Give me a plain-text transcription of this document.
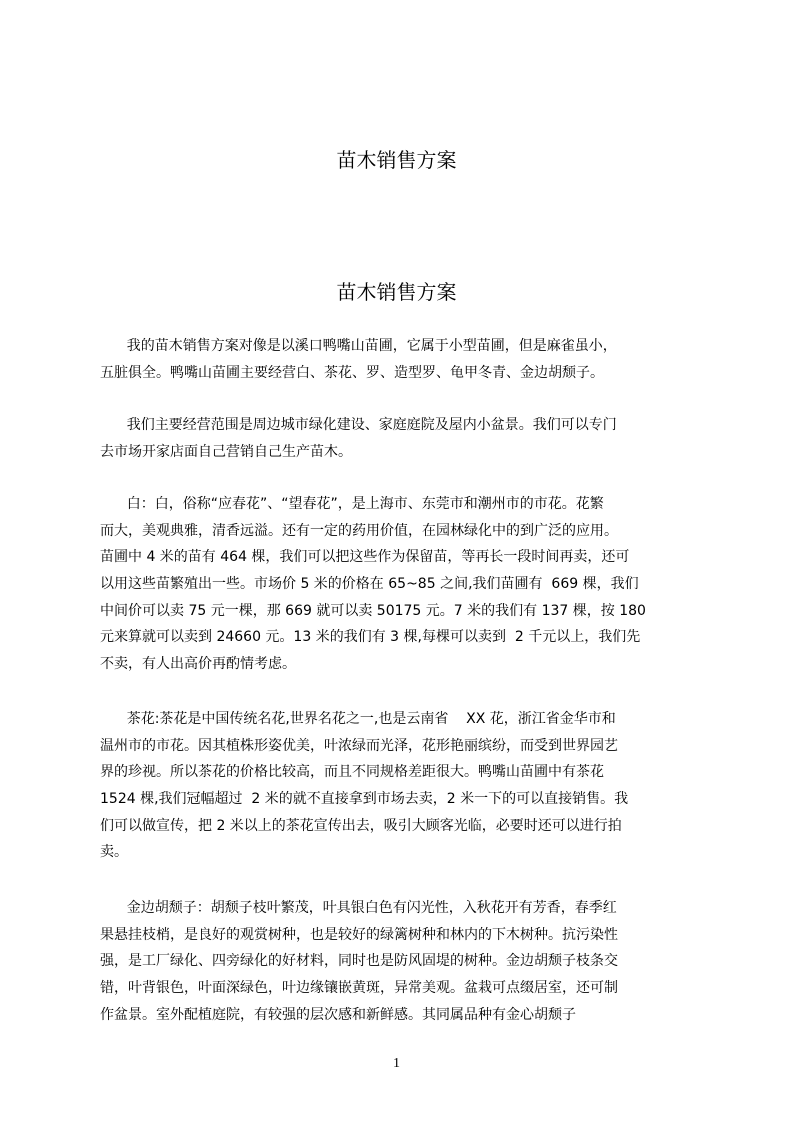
苗木销售方案
苗木销售方案
我的苗木销售方案对像是以溪口鸭嘴山苗圃，它属于小型苗圃，但是麻雀虽小，
五脏俱全。鸭嘴山苗圃主要经营白、茶花、罗、造型罗、龟甲冬青、金边胡颓子。
我们主要经营范围是周边城市绿化建设、家庭庭院及屋内小盆景。我们可以专门
去市场开家店面自己营销自己生产苗木。
白：白，俗称“应春花”、“望春花”，是上海市、东莞市和潮州市的市花。花繁
而大，美观典雅，清香远溢。还有一定的药用价值，在园林绿化中的到广泛的应用。
苗圃中 4 米的苗有 464 棵，我们可以把这些作为保留苗，等再长一段时间再卖，还可
以用这些苗繁殖出一些。市场价 5 米的价格在 65~85 之间,我们苗圃有  669 棵，我们
中间价可以卖 75 元一棵，那 669 就可以卖 50175 元。7 米的我们有 137 棵，按 180
元来算就可以卖到 24660 元。13 米的我们有 3 棵,每棵可以卖到  2 千元以上，我们先
不卖，有人出高价再酌情考虑。
茶花:茶花是中国传统名花,世界名花之一,也是云南省    XX 花，浙江省金华市和
温州市的市花。因其植株形姿优美，叶浓绿而光泽，花形艳丽缤纷，而受到世界园艺
界的珍视。所以茶花的价格比较高，而且不同规格差距很大。鸭嘴山苗圃中有茶花
1524 棵,我们冠幅超过  2 米的就不直接拿到市场去卖，2 米一下的可以直接销售。我
们可以做宣传，把 2 米以上的茶花宣传出去，吸引大顾客光临，必要时还可以进行拍
卖。
金边胡颓子：胡颓子枝叶繁茂，叶具银白色有闪光性，入秋花开有芳香，春季红
果悬挂枝梢，是良好的观赏树种，也是较好的绿篱树种和林内的下木树种。抗污染性
强，是工厂绿化、四旁绿化的好材料，同时也是防风固堤的树种。金边胡颓子枝条交
错，叶背银色，叶面深绿色，叶边缘镶嵌黄斑，异常美观。盆栽可点缀居室，还可制
作盆景。室外配植庭院，有较强的层次感和新鲜感。其同属品种有金心胡颓子
1
